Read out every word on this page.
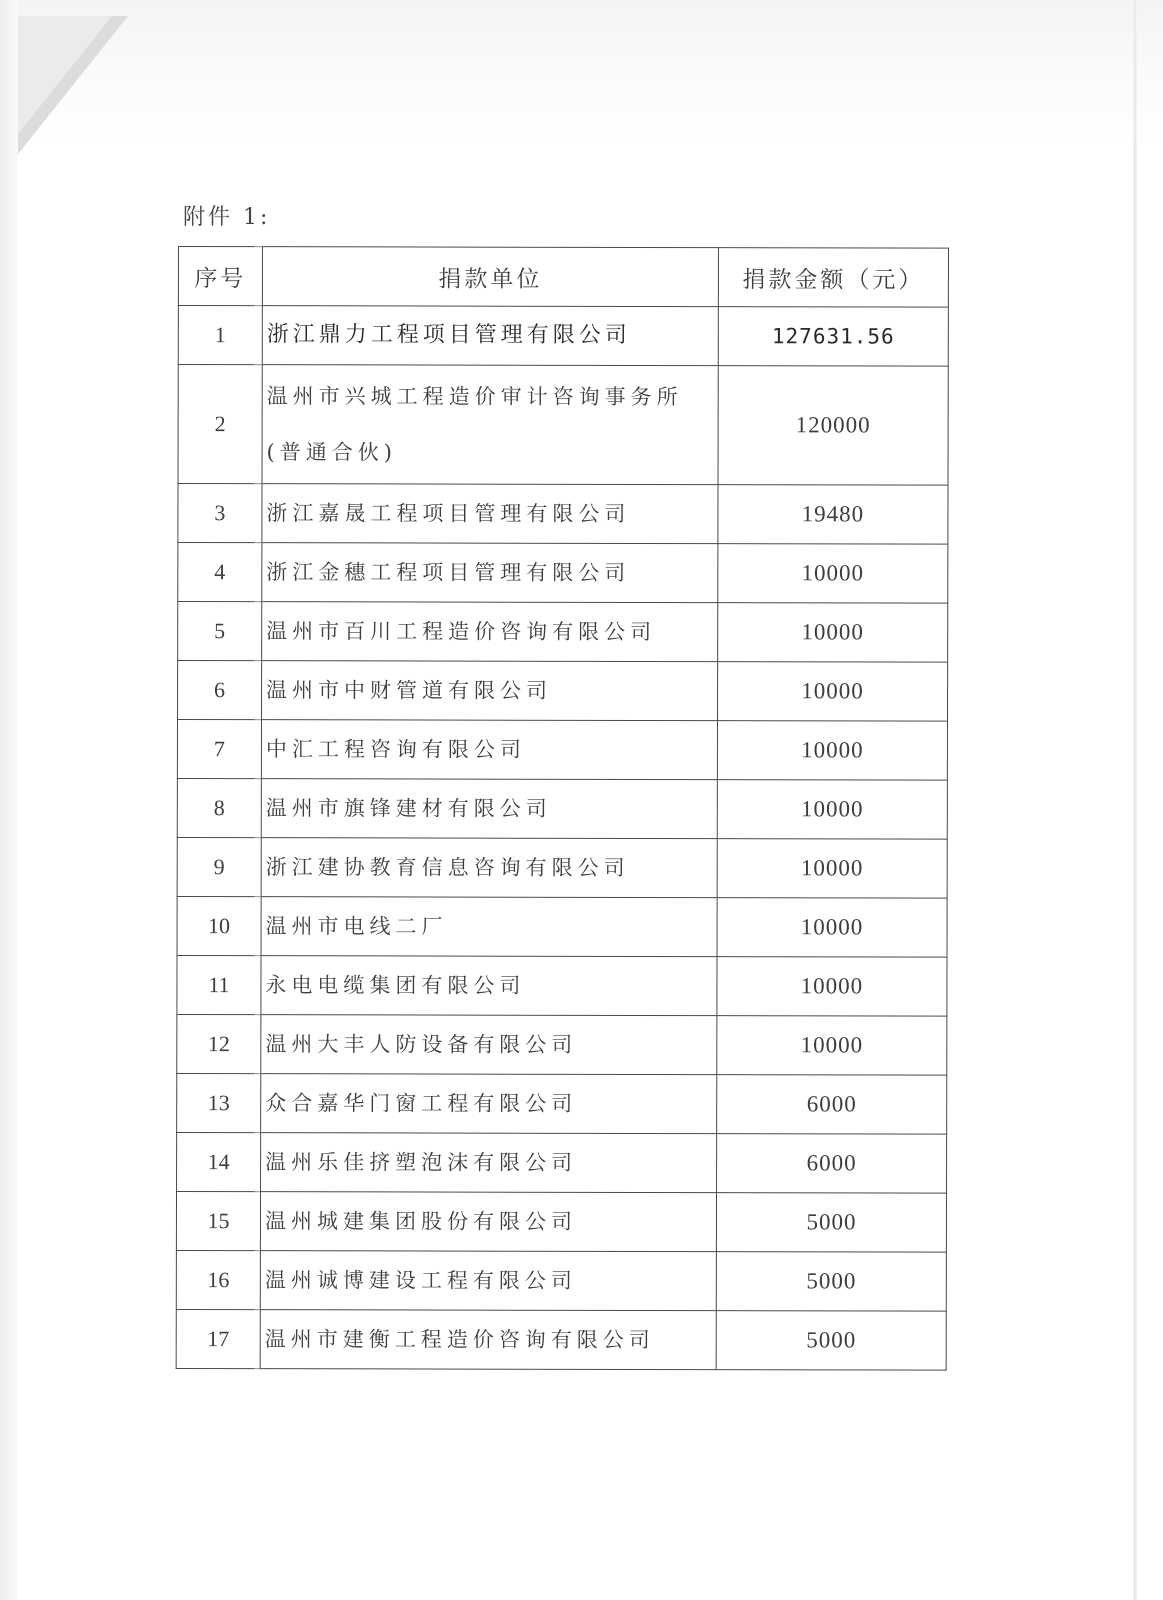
附件 1:
序号	捐款单位	捐款金额（元）
1	浙江鼎力工程项目管理有限公司	127631.56
2	温州市兴城工程造价审计咨询事务所(普通合伙)	120000
3	浙江嘉晟工程项目管理有限公司	19480
4	浙江金穗工程项目管理有限公司	10000
5	温州市百川工程造价咨询有限公司	10000
6	温州市中财管道有限公司	10000
7	中汇工程咨询有限公司	10000
8	温州市旗锋建材有限公司	10000
9	浙江建协教育信息咨询有限公司	10000
10	温州市电线二厂	10000
11	永电电缆集团有限公司	10000
12	温州大丰人防设备有限公司	10000
13	众合嘉华门窗工程有限公司	6000
14	温州乐佳挤塑泡沫有限公司	6000
15	温州城建集团股份有限公司	5000
16	温州诚博建设工程有限公司	5000
17	温州市建衡工程造价咨询有限公司	5000
